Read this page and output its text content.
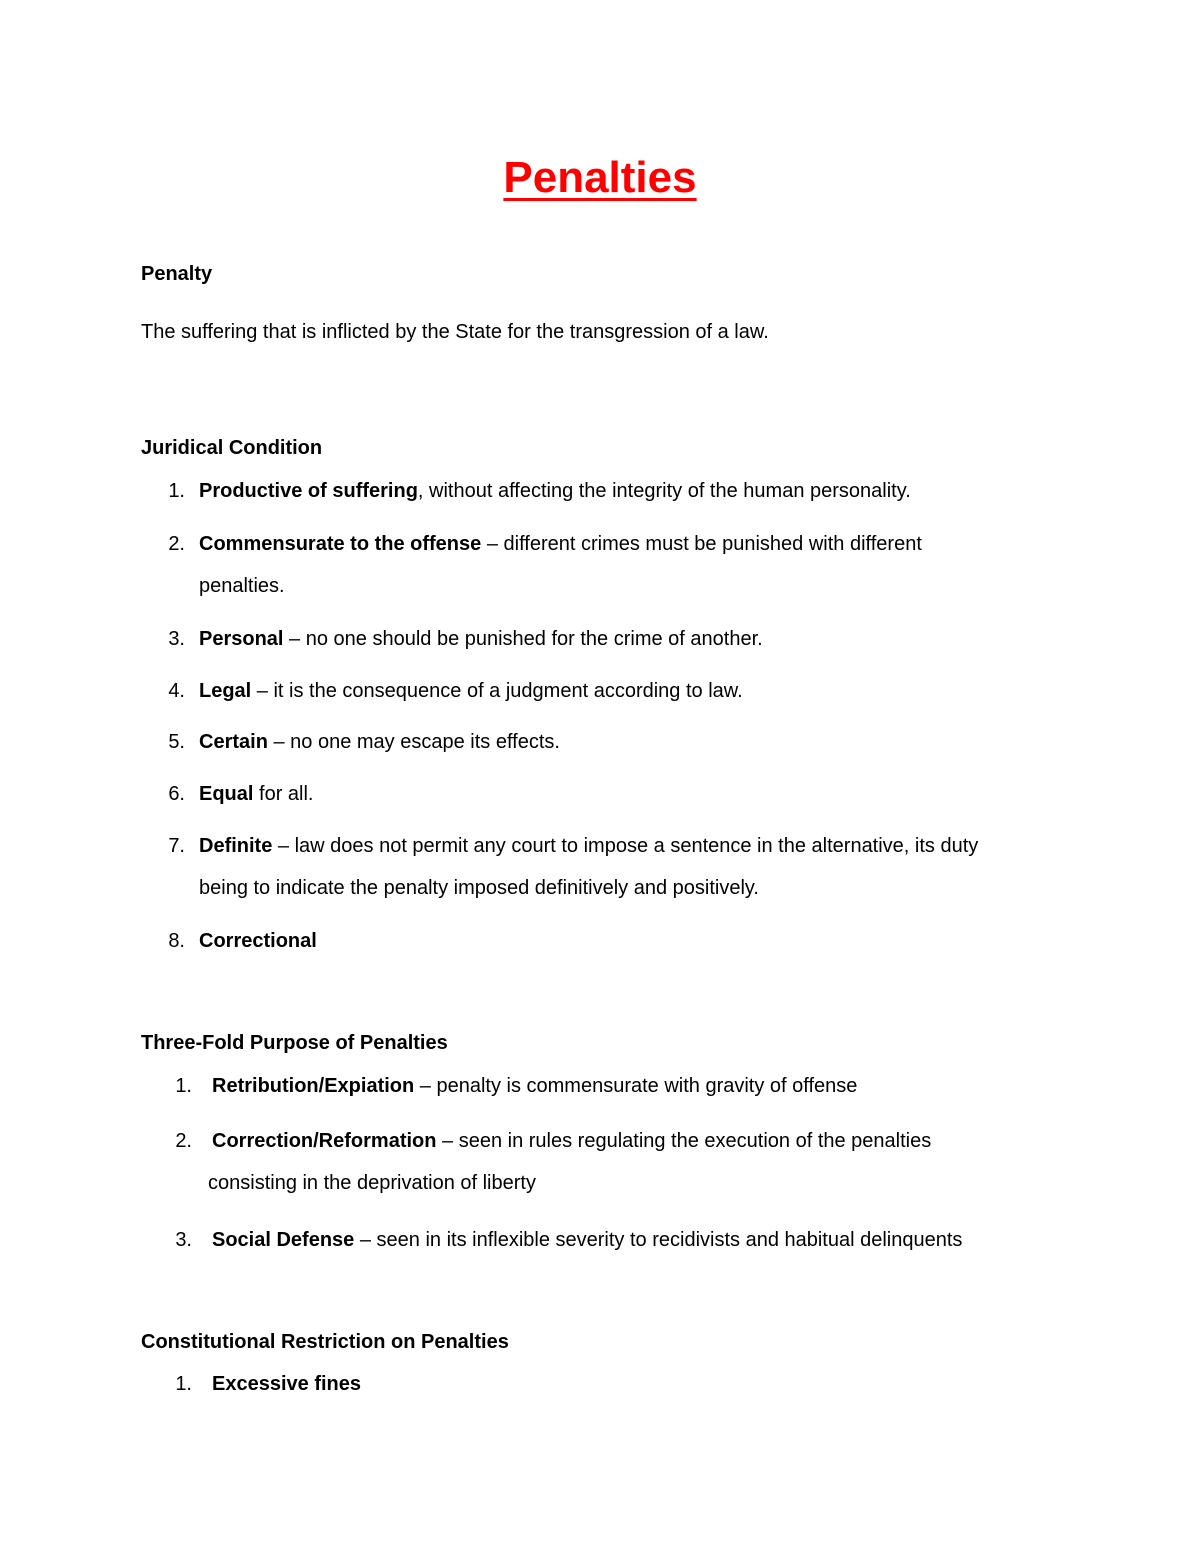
Penalties

Penalty

The suffering that is inflicted by the State for the transgression of a law.

Juridical Condition

1. Productive of suffering, without affecting the integrity of the human personality.
2. Commensurate to the offense – different crimes must be punished with different
penalties.
3. Personal – no one should be punished for the crime of another.
4. Legal – it is the consequence of a judgment according to law.
5. Certain – no one may escape its effects.
6. Equal for all.
7. Definite – law does not permit any court to impose a sentence in the alternative, its duty
being to indicate the penalty imposed definitively and positively.
8. Correctional

Three-Fold Purpose of Penalties

1. Retribution/Expiation – penalty is commensurate with gravity of offense
2. Correction/Reformation – seen in rules regulating the execution of the penalties
consisting in the deprivation of liberty
3. Social Defense – seen in its inflexible severity to recidivists and habitual delinquents

Constitutional Restriction on Penalties

1. Excessive fines
